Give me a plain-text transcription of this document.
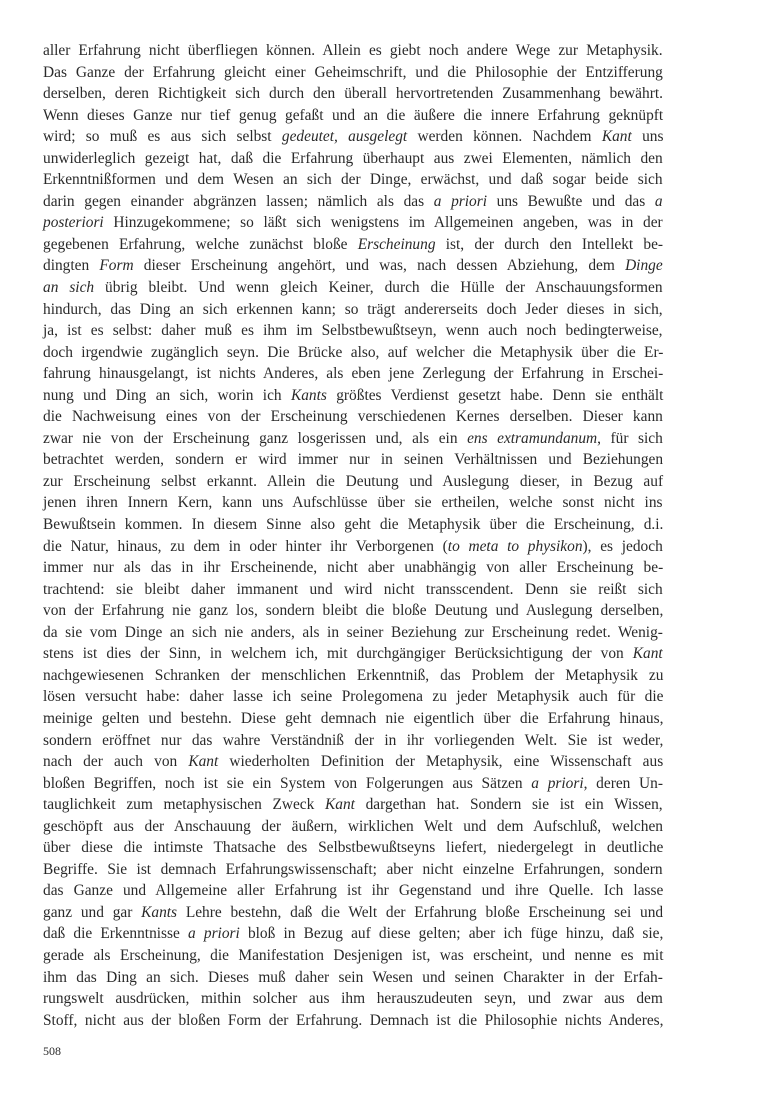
aller Erfahrung nicht überfliegen können. Allein es giebt noch andere Wege zur Metaphysik.
Das Ganze der Erfahrung gleicht einer Geheimschrift, und die Philosophie der Entzifferung
derselben, deren Richtigkeit sich durch den überall hervortretenden Zusammenhang bewährt.
Wenn dieses Ganze nur tief genug gefaßt und an die äußere die innere Erfahrung geknüpft
wird; so muß es aus sich selbst gedeutet, ausgelegt werden können. Nachdem Kant uns
unwiderleglich gezeigt hat, daß die Erfahrung überhaupt aus zwei Elementen, nämlich den
Erkenntnißformen und dem Wesen an sich der Dinge, erwächst, und daß sogar beide sich
darin gegen einander abgränzen lassen; nämlich als das a priori uns Bewußte und das a
posteriori Hinzugekommene; so läßt sich wenigstens im Allgemeinen angeben, was in der
gegebenen Erfahrung, welche zunächst bloße Erscheinung ist, der durch den Intellekt be-
dingten Form dieser Erscheinung angehört, und was, nach dessen Abziehung, dem Dinge
an sich übrig bleibt. Und wenn gleich Keiner, durch die Hülle der Anschauungsformen
hindurch, das Ding an sich erkennen kann; so trägt andererseits doch Jeder dieses in sich,
ja, ist es selbst: daher muß es ihm im Selbstbewußtseyn, wenn auch noch bedingterweise,
doch irgendwie zugänglich seyn. Die Brücke also, auf welcher die Metaphysik über die Er-
fahrung hinausgelangt, ist nichts Anderes, als eben jene Zerlegung der Erfahrung in Erschei-
nung und Ding an sich, worin ich Kants größtes Verdienst gesetzt habe. Denn sie enthält
die Nachweisung eines von der Erscheinung verschiedenen Kernes derselben. Dieser kann
zwar nie von der Erscheinung ganz losgerissen und, als ein ens extramundanum, für sich
betrachtet werden, sondern er wird immer nur in seinen Verhältnissen und Beziehungen
zur Erscheinung selbst erkannt. Allein die Deutung und Auslegung dieser, in Bezug auf
jenen ihren Innern Kern, kann uns Aufschlüsse über sie ertheilen, welche sonst nicht ins
Bewußtsein kommen. In diesem Sinne also geht die Metaphysik über die Erscheinung, d.i.
die Natur, hinaus, zu dem in oder hinter ihr Verborgenen (to meta to physikon), es jedoch
immer nur als das in ihr Erscheinende, nicht aber unabhängig von aller Erscheinung be-
trachtend: sie bleibt daher immanent und wird nicht transscendent. Denn sie reißt sich
von der Erfahrung nie ganz los, sondern bleibt die bloße Deutung und Auslegung derselben,
da sie vom Dinge an sich nie anders, als in seiner Beziehung zur Erscheinung redet. Wenig-
stens ist dies der Sinn, in welchem ich, mit durchgängiger Berücksichtigung der von Kant
nachgewiesenen Schranken der menschlichen Erkenntniß, das Problem der Metaphysik zu
lösen versucht habe: daher lasse ich seine Prolegomena zu jeder Metaphysik auch für die
meinige gelten und bestehn. Diese geht demnach nie eigentlich über die Erfahrung hinaus,
sondern eröffnet nur das wahre Verständniß der in ihr vorliegenden Welt. Sie ist weder,
nach der auch von Kant wiederholten Definition der Metaphysik, eine Wissenschaft aus
bloßen Begriffen, noch ist sie ein System von Folgerungen aus Sätzen a priori, deren Un-
tauglichkeit zum metaphysischen Zweck Kant dargethan hat. Sondern sie ist ein Wissen,
geschöpft aus der Anschauung der äußern, wirklichen Welt und dem Aufschluß, welchen
über diese die intimste Thatsache des Selbstbewußtseyns liefert, niedergelegt in deutliche
Begriffe. Sie ist demnach Erfahrungswissenschaft; aber nicht einzelne Erfahrungen, sondern
das Ganze und Allgemeine aller Erfahrung ist ihr Gegenstand und ihre Quelle. Ich lasse
ganz und gar Kants Lehre bestehn, daß die Welt der Erfahrung bloße Erscheinung sei und
daß die Erkenntnisse a priori bloß in Bezug auf diese gelten; aber ich füge hinzu, daß sie,
gerade als Erscheinung, die Manifestation Desjenigen ist, was erscheint, und nenne es mit
ihm das Ding an sich. Dieses muß daher sein Wesen und seinen Charakter in der Erfah-
rungswelt ausdrücken, mithin solcher aus ihm herauszudeuten seyn, und zwar aus dem
Stoff, nicht aus der bloßen Form der Erfahrung. Demnach ist die Philosophie nichts Anderes,
508
